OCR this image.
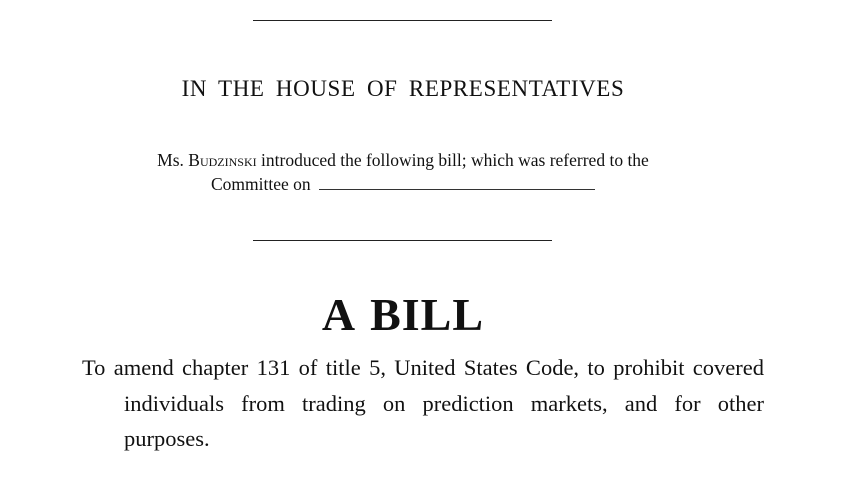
IN THE HOUSE OF REPRESENTATIVES
Ms. Budzinski introduced the following bill; which was referred to the
Committee on
A BILL
To amend chapter 131 of title 5, United States Code, to prohibit covered individuals from trading on prediction markets, and for other purposes.
